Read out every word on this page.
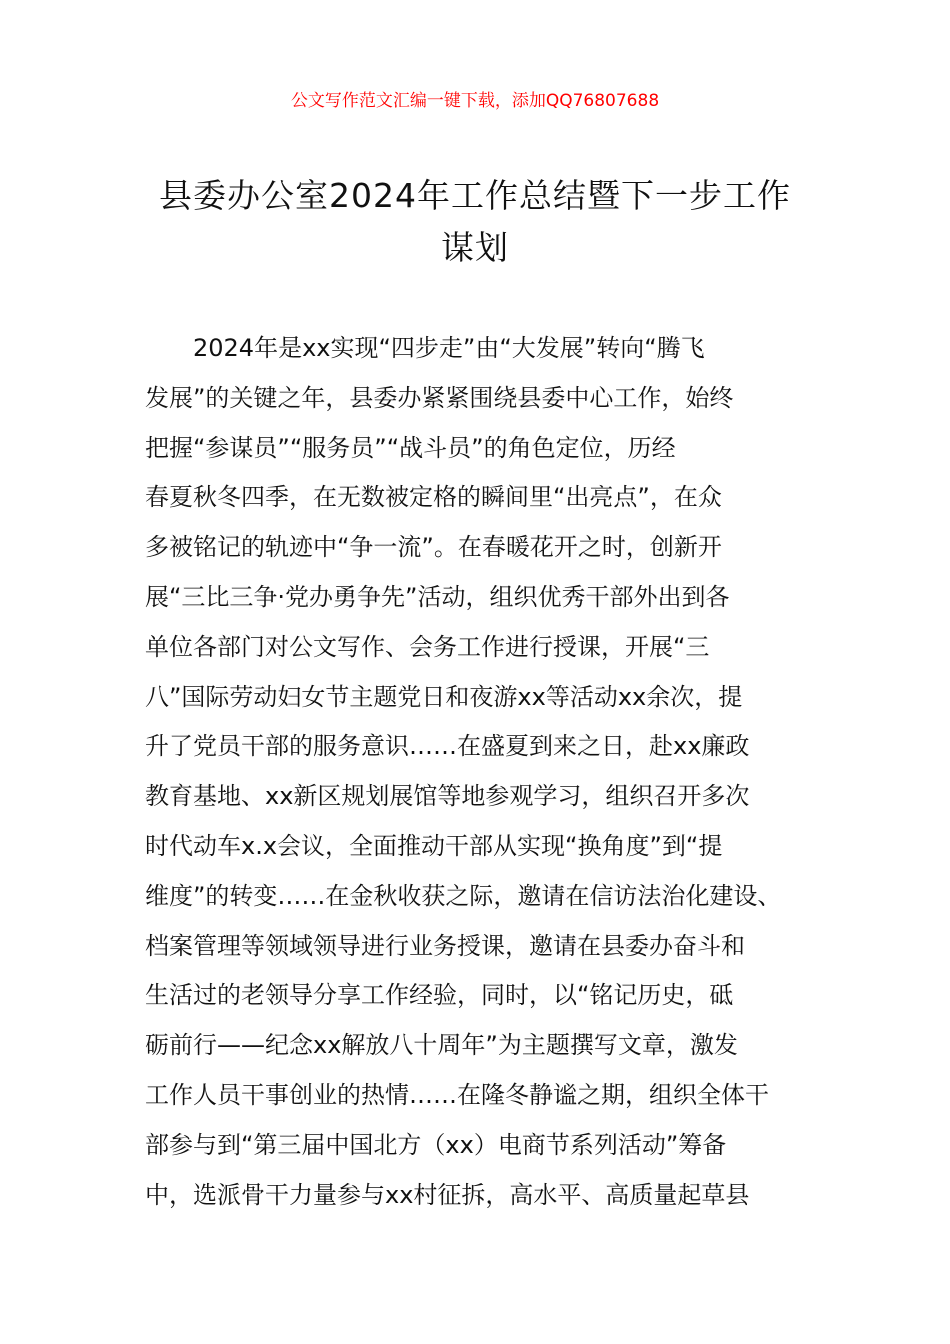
公文写作范文汇编一键下载，添加QQ76807688
县委办公室2024年工作总结暨下一步工作
谋划
2024年是xx实现“四步走”由“大发展”转向“腾飞
发展”的关键之年，县委办紧紧围绕县委中心工作，始终
把握“参谋员”“服务员”“战斗员”的角色定位，历经
春夏秋冬四季，在无数被定格的瞬间里“出亮点”，在众
多被铭记的轨迹中“争一流”。在春暖花开之时，创新开
展“三比三争·党办勇争先”活动，组织优秀干部外出到各
单位各部门对公文写作、会务工作进行授课，开展“三
八”国际劳动妇女节主题党日和夜游xx等活动xx余次，提
升了党员干部的服务意识……在盛夏到来之日，赴xx廉政
教育基地、xx新区规划展馆等地参观学习，组织召开多次
时代动车x.x会议，全面推动干部从实现“换角度”到“提
维度”的转变……在金秋收获之际，邀请在信访法治化建设、
档案管理等领域领导进行业务授课，邀请在县委办奋斗和
生活过的老领导分享工作经验，同时，以“铭记历史，砥
砺前行——纪念xx解放八十周年”为主题撰写文章，激发
工作人员干事创业的热情……在隆冬静谧之期，组织全体干
部参与到“第三届中国北方（xx）电商节系列活动”筹备
中，选派骨干力量参与xx村征拆，高水平、高质量起草县
